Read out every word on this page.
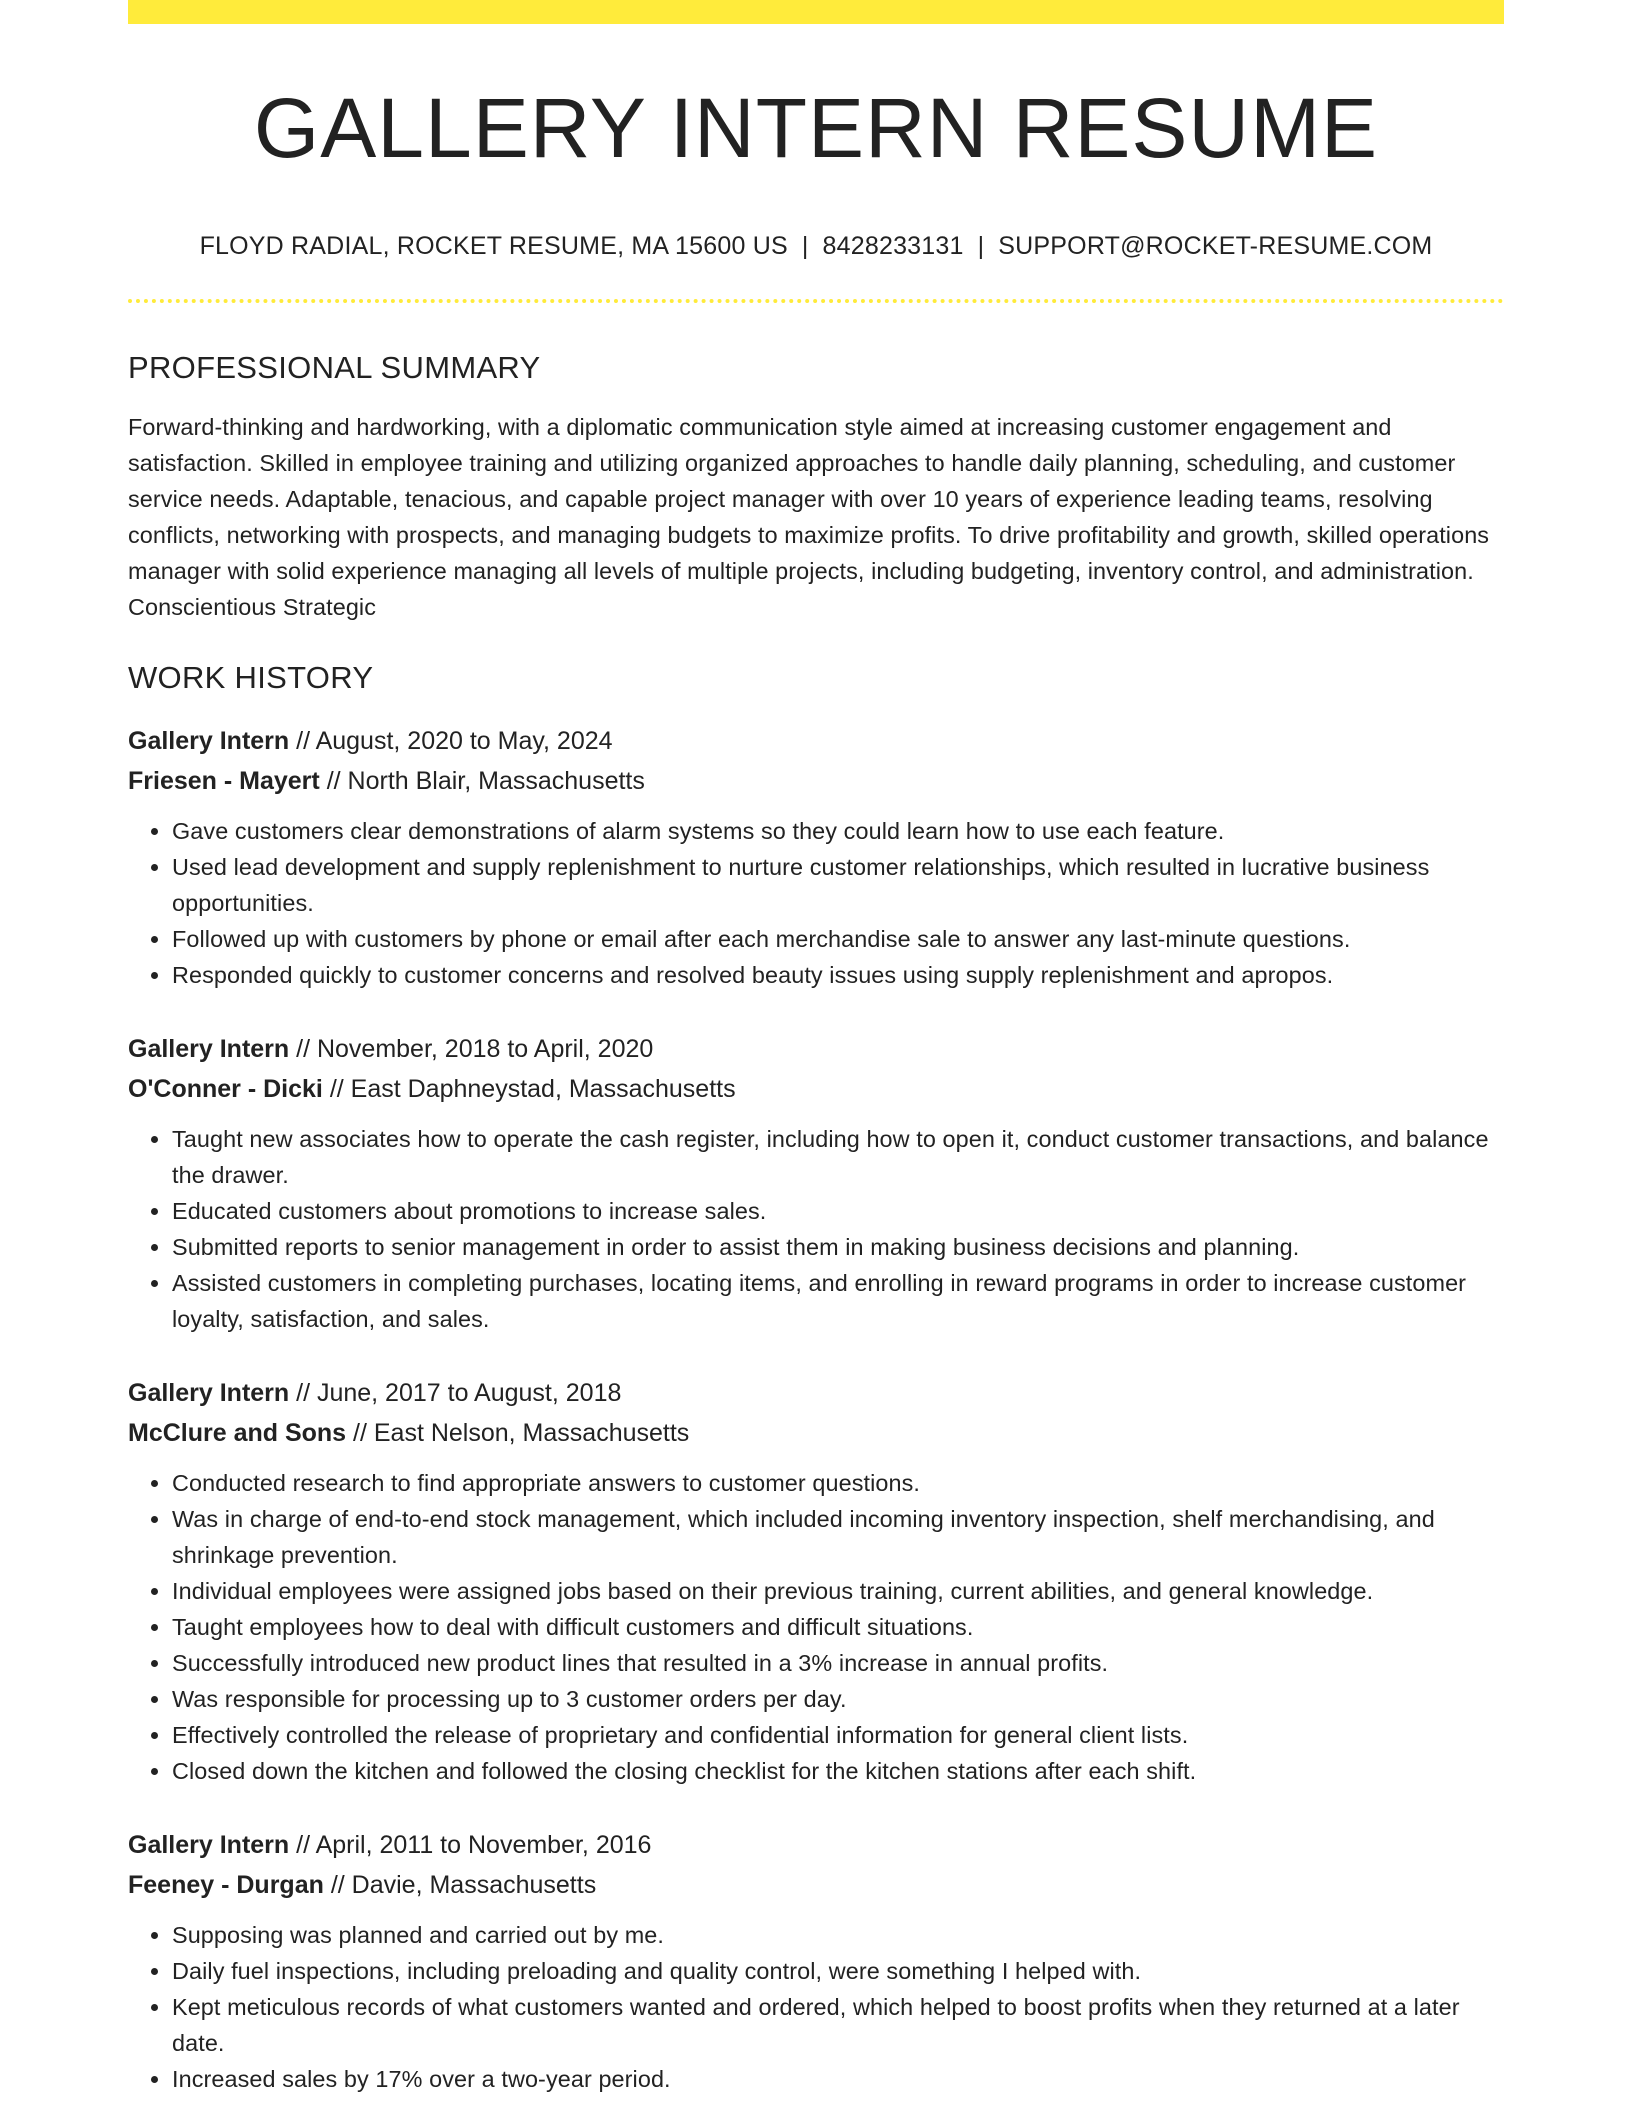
GALLERY INTERN RESUME
FLOYD RADIAL, ROCKET RESUME, MA 15600 US | 8428233131 | SUPPORT@ROCKET-RESUME.COM
PROFESSIONAL SUMMARY
Forward-thinking and hardworking, with a diplomatic communication style aimed at increasing customer engagement and satisfaction. Skilled in employee training and utilizing organized approaches to handle daily planning, scheduling, and customer service needs. Adaptable, tenacious, and capable project manager with over 10 years of experience leading teams, resolving conflicts, networking with prospects, and managing budgets to maximize profits. To drive profitability and growth, skilled operations manager with solid experience managing all levels of multiple projects, including budgeting, inventory control, and administration. Conscientious Strategic
WORK HISTORY
Gallery Intern // August, 2020 to May, 2024
Friesen - Mayert // North Blair, Massachusetts
• Gave customers clear demonstrations of alarm systems so they could learn how to use each feature.
• Used lead development and supply replenishment to nurture customer relationships, which resulted in lucrative business opportunities.
• Followed up with customers by phone or email after each merchandise sale to answer any last-minute questions.
• Responded quickly to customer concerns and resolved beauty issues using supply replenishment and apropos.
Gallery Intern // November, 2018 to April, 2020
O'Conner - Dicki // East Daphneystad, Massachusetts
• Taught new associates how to operate the cash register, including how to open it, conduct customer transactions, and balance the drawer.
• Educated customers about promotions to increase sales.
• Submitted reports to senior management in order to assist them in making business decisions and planning.
• Assisted customers in completing purchases, locating items, and enrolling in reward programs in order to increase customer loyalty, satisfaction, and sales.
Gallery Intern // June, 2017 to August, 2018
McClure and Sons // East Nelson, Massachusetts
• Conducted research to find appropriate answers to customer questions.
• Was in charge of end-to-end stock management, which included incoming inventory inspection, shelf merchandising, and shrinkage prevention.
• Individual employees were assigned jobs based on their previous training, current abilities, and general knowledge.
• Taught employees how to deal with difficult customers and difficult situations.
• Successfully introduced new product lines that resulted in a 3% increase in annual profits.
• Was responsible for processing up to 3 customer orders per day.
• Effectively controlled the release of proprietary and confidential information for general client lists.
• Closed down the kitchen and followed the closing checklist for the kitchen stations after each shift.
Gallery Intern // April, 2011 to November, 2016
Feeney - Durgan // Davie, Massachusetts
• Supposing was planned and carried out by me.
• Daily fuel inspections, including preloading and quality control, were something I helped with.
• Kept meticulous records of what customers wanted and ordered, which helped to boost profits when they returned at a later date.
• Increased sales by 17% over a two-year period.
